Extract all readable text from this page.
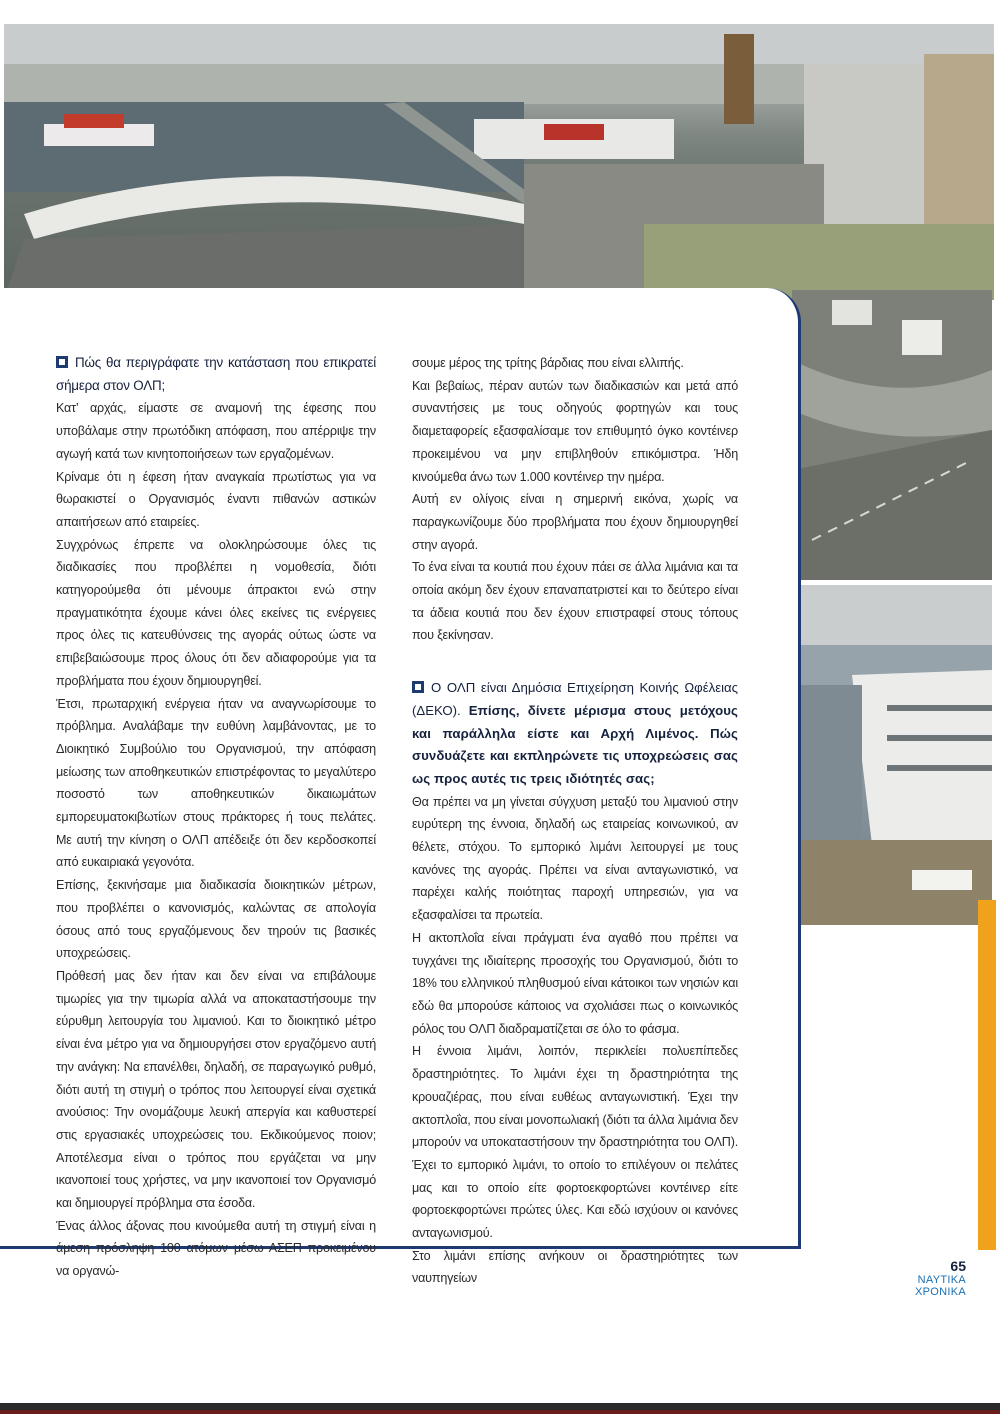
Πώς θα περιγράφατε την κατάσταση που επικρατεί σήμερα στον ΟΛΠ;

Κατ’ αρχάς, είμαστε σε αναμονή της έφεσης που υποβάλαμε στην πρωτόδικη απόφαση, που απέρριψε την αγωγή κατά των κινητοποιήσεων των εργαζομένων.

Κρίναμε ότι η έφεση ήταν αναγκαία πρωτίστως για να θωρακιστεί ο Οργανισμός έναντι πιθανών αστικών απαιτήσεων από εταιρείες.

Συγχρόνως έπρεπε να ολοκληρώσουμε όλες τις διαδικασίες που προβλέπει η νομοθεσία, διότι κατηγορούμεθα ότι μένουμε άπρακτοι ενώ στην πραγματικότητα έχουμε κάνει όλες εκείνες τις ενέργειες προς όλες τις κατευθύνσεις της αγοράς ούτως ώστε να επιβεβαιώσουμε προς όλους ότι δεν αδιαφορούμε για τα προβλήματα που έχουν δημιουργηθεί.

Έτσι, πρωταρχική ενέργεια ήταν να αναγνωρίσουμε το πρόβλημα. Αναλάβαμε την ευθύνη λαμβάνοντας, με το Διοικητικό Συμβούλιο του Οργανισμού, την απόφαση μείωσης των αποθηκευτικών επιστρέφοντας το μεγαλύτερο ποσοστό των αποθηκευτικών δικαιωμάτων εμπορευματοκιβωτίων στους πράκτορες ή τους πελάτες. Με αυτή την κίνηση ο ΟΛΠ απέδειξε ότι δεν κερδοσκοπεί από ευκαιριακά γεγονότα.

Επίσης, ξεκινήσαμε μια διαδικασία διοικητικών μέτρων, που προβλέπει ο κανονισμός, καλώντας σε απολογία όσους από τους εργαζόμενους δεν τηρούν τις βασικές υποχρεώσεις.

Πρόθεσή μας δεν ήταν και δεν είναι να επιβάλουμε τιμωρίες για την τιμωρία αλλά να αποκαταστήσουμε την εύρυθμη λειτουργία του λιμανιού. Και το διοικητικό μέτρο είναι ένα μέτρο για να δημιουργήσει στον εργαζόμενο αυτή την ανάγκη: Να επανέλθει, δηλαδή, σε παραγωγικό ρυθμό, διότι αυτή τη στιγμή ο τρόπος που λειτουργεί είναι σχετικά ανούσιος: Την ονομάζουμε λευκή απεργία και καθυστερεί στις εργασιακές υποχρεώσεις του. Εκδικούμενος ποιον; Αποτέλεσμα είναι ο τρόπος που εργάζεται να μην ικανοποιεί τους χρήστες, να μην ικανοποιεί τον Οργανισμό και δημιουργεί πρόβλημα στα έσοδα.

Ένας άλλος άξονας που κινούμεθα αυτή τη στιγμή είναι η άμεση πρόσληψη 100 ατόμων μέσω ΑΣΕΠ προκειμένου να οργανώ-

σουμε μέρος της τρίτης βάρδιας που είναι ελλιπής.

Και βεβαίως, πέραν αυτών των διαδικασιών και μετά από συναντήσεις με τους οδηγούς φορτηγών και τους διαμεταφορείς εξασφαλίσαμε τον επιθυμητό όγκο κοντέινερ προκειμένου να μην επιβληθούν επικόμιστρα. Ήδη κινούμεθα άνω των 1.000 κοντέινερ την ημέρα.

Αυτή εν ολίγοις είναι η σημερινή εικόνα, χωρίς να παραγκωνίζουμε δύο προβλήματα που έχουν δημιουργηθεί στην αγορά.

Το ένα είναι τα κουτιά που έχουν πάει σε άλλα λιμάνια και τα οποία ακόμη δεν έχουν επαναπατριστεί και το δεύτερο είναι τα άδεια κουτιά που δεν έχουν επιστραφεί στους τόπους που ξεκίνησαν.

Ο ΟΛΠ είναι Δημόσια Επιχείρηση Κοινής Ωφέλειας (ΔΕΚΟ). Επίσης, δίνετε μέρισμα στους μετόχους και παράλληλα είστε και Αρχή Λιμένος. Πώς συνδυάζετε και εκπληρώνετε τις υποχρεώσεις σας ως προς αυτές τις τρεις ιδιότητές σας;

Θα πρέπει να μη γίνεται σύγχυση μεταξύ του λιμανιού στην ευρύτερη της έννοια, δηλαδή ως εταιρείας κοινωνικού, αν θέλετε, στόχου. Το εμπορικό λιμάνι λειτουργεί με τους κανόνες της αγοράς. Πρέπει να είναι ανταγωνιστικό, να παρέχει καλής ποιότητας παροχή υπηρεσιών, για να εξασφαλίσει τα πρωτεία.

Η ακτοπλοΐα είναι πράγματι ένα αγαθό που πρέπει να τυγχάνει της ιδιαίτερης προσοχής του Οργανισμού, διότι το 18% του ελληνικού πληθυσμού είναι κάτοικοι των νησιών και εδώ θα μπορούσε κάποιος να σχολιάσει πως ο κοινωνικός ρόλος του ΟΛΠ διαδραματίζεται σε όλο το φάσμα.

Η έννοια λιμάνι, λοιπόν, περικλείει πολυεπίπεδες δραστηριότητες. Το λιμάνι έχει τη δραστηριότητα της κρουαζιέρας, που είναι ευθέως ανταγωνιστική. Έχει την ακτοπλοΐα, που είναι μονοπωλιακή (διότι τα άλλα λιμάνια δεν μπορούν να υποκαταστήσουν την δραστηριότητα του ΟΛΠ). Έχει το εμπορικό λιμάνι, το οποίο το επιλέγουν οι πελάτες μας και το οποίο είτε φορτοεκφορτώνει κοντέινερ είτε φορτοεκφορτώνει πρώτες ύλες. Και εδώ ισχύουν οι κανόνες ανταγωνισμού.

Στο λιμάνι επίσης ανήκουν οι δραστηριότητες των ναυπηγείων

65
ΝΑΥΤΙΚΑ
ΧΡΟΝΙΚΑ
